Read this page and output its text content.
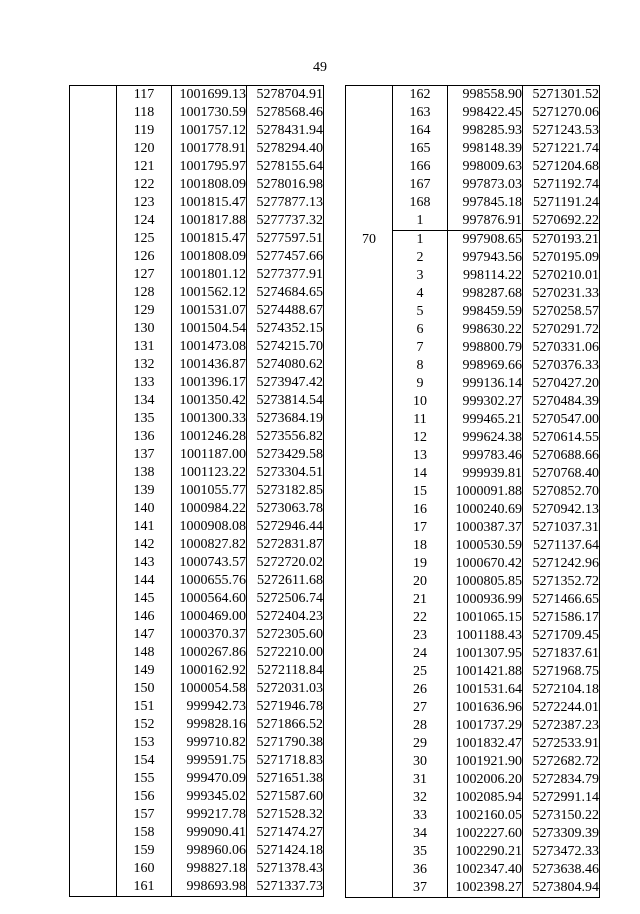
49
	117	1001699.13	5278704.91
	118	1001730.59	5278568.46
	119	1001757.12	5278431.94
	120	1001778.91	5278294.40
	121	1001795.97	5278155.64
	122	1001808.09	5278016.98
	123	1001815.47	5277877.13
	124	1001817.88	5277737.32
	125	1001815.47	5277597.51
	126	1001808.09	5277457.66
	127	1001801.12	5277377.91
	128	1001562.12	5274684.65
	129	1001531.07	5274488.67
	130	1001504.54	5274352.15
	131	1001473.08	5274215.70
	132	1001436.87	5274080.62
	133	1001396.17	5273947.42
	134	1001350.42	5273814.54
	135	1001300.33	5273684.19
	136	1001246.28	5273556.82
	137	1001187.00	5273429.58
	138	1001123.22	5273304.51
	139	1001055.77	5273182.85
	140	1000984.22	5273063.78
	141	1000908.08	5272946.44
	142	1000827.82	5272831.87
	143	1000743.57	5272720.02
	144	1000655.76	5272611.68
	145	1000564.60	5272506.74
	146	1000469.00	5272404.23
	147	1000370.37	5272305.60
	148	1000267.86	5272210.00
	149	1000162.92	5272118.84
	150	1000054.58	5272031.03
	151	999942.73	5271946.78
	152	999828.16	5271866.52
	153	999710.82	5271790.38
	154	999591.75	5271718.83
	155	999470.09	5271651.38
	156	999345.02	5271587.60
	157	999217.78	5271528.32
	158	999090.41	5271474.27
	159	998960.06	5271424.18
	160	998827.18	5271378.43
	161	998693.98	5271337.73
	162	998558.90	5271301.52
	163	998422.45	5271270.06
	164	998285.93	5271243.53
	165	998148.39	5271221.74
	166	998009.63	5271204.68
	167	997873.03	5271192.74
	168	997845.18	5271191.24
	1	997876.91	5270692.22
70	1	997908.65	5270193.21
	2	997943.56	5270195.09
	3	998114.22	5270210.01
	4	998287.68	5270231.33
	5	998459.59	5270258.57
	6	998630.22	5270291.72
	7	998800.79	5270331.06
	8	998969.66	5270376.33
	9	999136.14	5270427.20
	10	999302.27	5270484.39
	11	999465.21	5270547.00
	12	999624.38	5270614.55
	13	999783.46	5270688.66
	14	999939.81	5270768.40
	15	1000091.88	5270852.70
	16	1000240.69	5270942.13
	17	1000387.37	5271037.31
	18	1000530.59	5271137.64
	19	1000670.42	5271242.96
	20	1000805.85	5271352.72
	21	1000936.99	5271466.65
	22	1001065.15	5271586.17
	23	1001188.43	5271709.45
	24	1001307.95	5271837.61
	25	1001421.88	5271968.75
	26	1001531.64	5272104.18
	27	1001636.96	5272244.01
	28	1001737.29	5272387.23
	29	1001832.47	5272533.91
	30	1001921.90	5272682.72
	31	1002006.20	5272834.79
	32	1002085.94	5272991.14
	33	1002160.05	5273150.22
	34	1002227.60	5273309.39
	35	1002290.21	5273472.33
	36	1002347.40	5273638.46
	37	1002398.27	5273804.94
